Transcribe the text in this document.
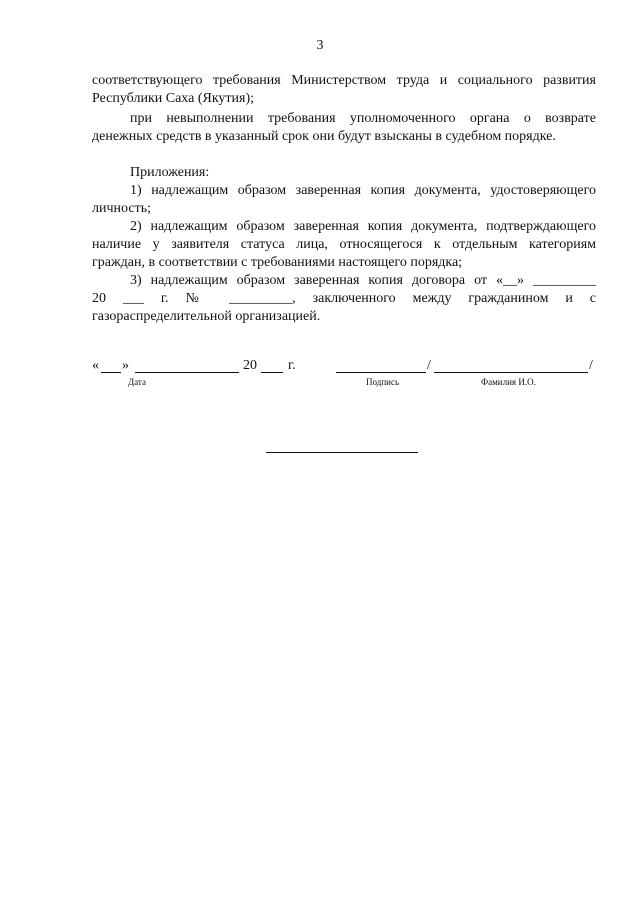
3
соответствующего требования Министерством труда и социального развития
Республики Саха (Якутия);
при невыполнении требования уполномоченного органа о возврате
денежных средств в указанный срок они будут взысканы в судебном порядке.
Приложения:
1) надлежащим образом заверенная копия документа, удостоверяющего
личность;
2) надлежащим образом заверенная копия документа, подтверждающего
наличие у заявителя статуса лица, относящегося к отдельным категориям
граждан, в соответствии с требованиями настоящего порядка;
3) надлежащим образом заверенная копия договора от «__» _________
20 ___ г. № _________, заключенного между гражданином и с
газораспределительной организацией.
« »	20 г.	/	/
Дата	Подпись	Фамилия И.О.
